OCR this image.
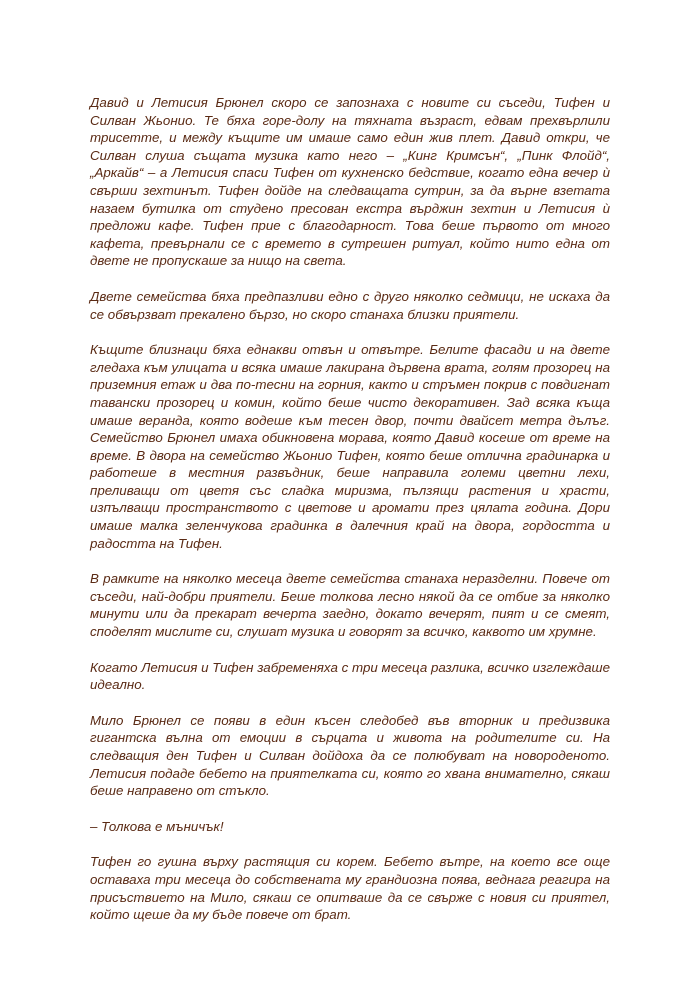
Давид и Летисия Брюнел скоро се запознаха с новите си съседи, Тифен и Силван Жьонио. Те бяха горе-долу на тяхната възраст, едвам прехвърлили трисетте, и между къщите им имаше само един жив плет. Давид откри, че Силван слуша същата музика като него – „Кинг Кримсън“, „Пинк Флойд“, „Аркайв“ – а Летисия спаси Тифен от кухненско бедствие, когато една вечер ѝ свърши зехтинът. Тифен дойде на следващата сутрин, за да върне взетата назаем бутилка от студено пресован екстра върджин зехтин и Летисия ѝ предложи кафе. Тифен прие с благодарност. Това беше първото от много кафета, превърнали се с времето в сутрешен ритуал, който нито една от двете не пропускаше за нищо на света.

Двете семейства бяха предпазливи едно с друго няколко седмици, не искаха да се обвързват прекалено бързо, но скоро станаха близки приятели.

Къщите близнаци бяха еднакви отвън и отвътре. Белите фасади и на двете гледаха към улицата и всяка имаше лакирана дървена врата, голям прозорец на приземния етаж и два по-тесни на горния, както и стръмен покрив с повдигнат тавански прозорец и комин, който беше чисто декоративен. Зад всяка къща имаше веранда, която водеше към тесен двор, почти двайсет метра дълъг. Семейство Брюнел имаха обикновена морава, която Давид косеше от време на време. В двора на семейство Жьонио Тифен, която беше отлична градинарка и работеше в местния развъдник, беше направила големи цветни лехи, преливащи от цветя със сладка миризма, пълзящи растения и храсти, изпълващи пространството с цветове и аромати през цялата година. Дори имаше малка зеленчукова градинка в далечния край на двора, гордостта и радостта на Тифен.

В рамките на няколко месеца двете семейства станаха неразделни. Повече от съседи, най-добри приятели. Беше толкова лесно някой да се отбие за няколко минути или да прекарат вечерта заедно, докато вечерят, пият и се смеят, споделят мислите си, слушат музика и говорят за всичко, каквото им хрумне.

Когато Летисия и Тифен забременяха с три месеца разлика, всичко изглеждаше идеално.

Мило Брюнел се появи в един късен следобед във вторник и предизвика гигантска вълна от емоции в сърцата и живота на родителите си. На следващия ден Тифен и Силван дойдоха да се полюбуват на новороденото. Летисия подаде бебето на приятелката си, която го хвана внимателно, сякаш беше направено от стъкло.

– Толкова е мъничък!

Тифен го гушна върху растящия си корем. Бебето вътре, на което все още оставаха три месеца до собствената му грандиозна поява, веднага реагира на присъствието на Мило, сякаш се опитваше да се свърже с новия си приятел, който щеше да му бъде повече от брат.
